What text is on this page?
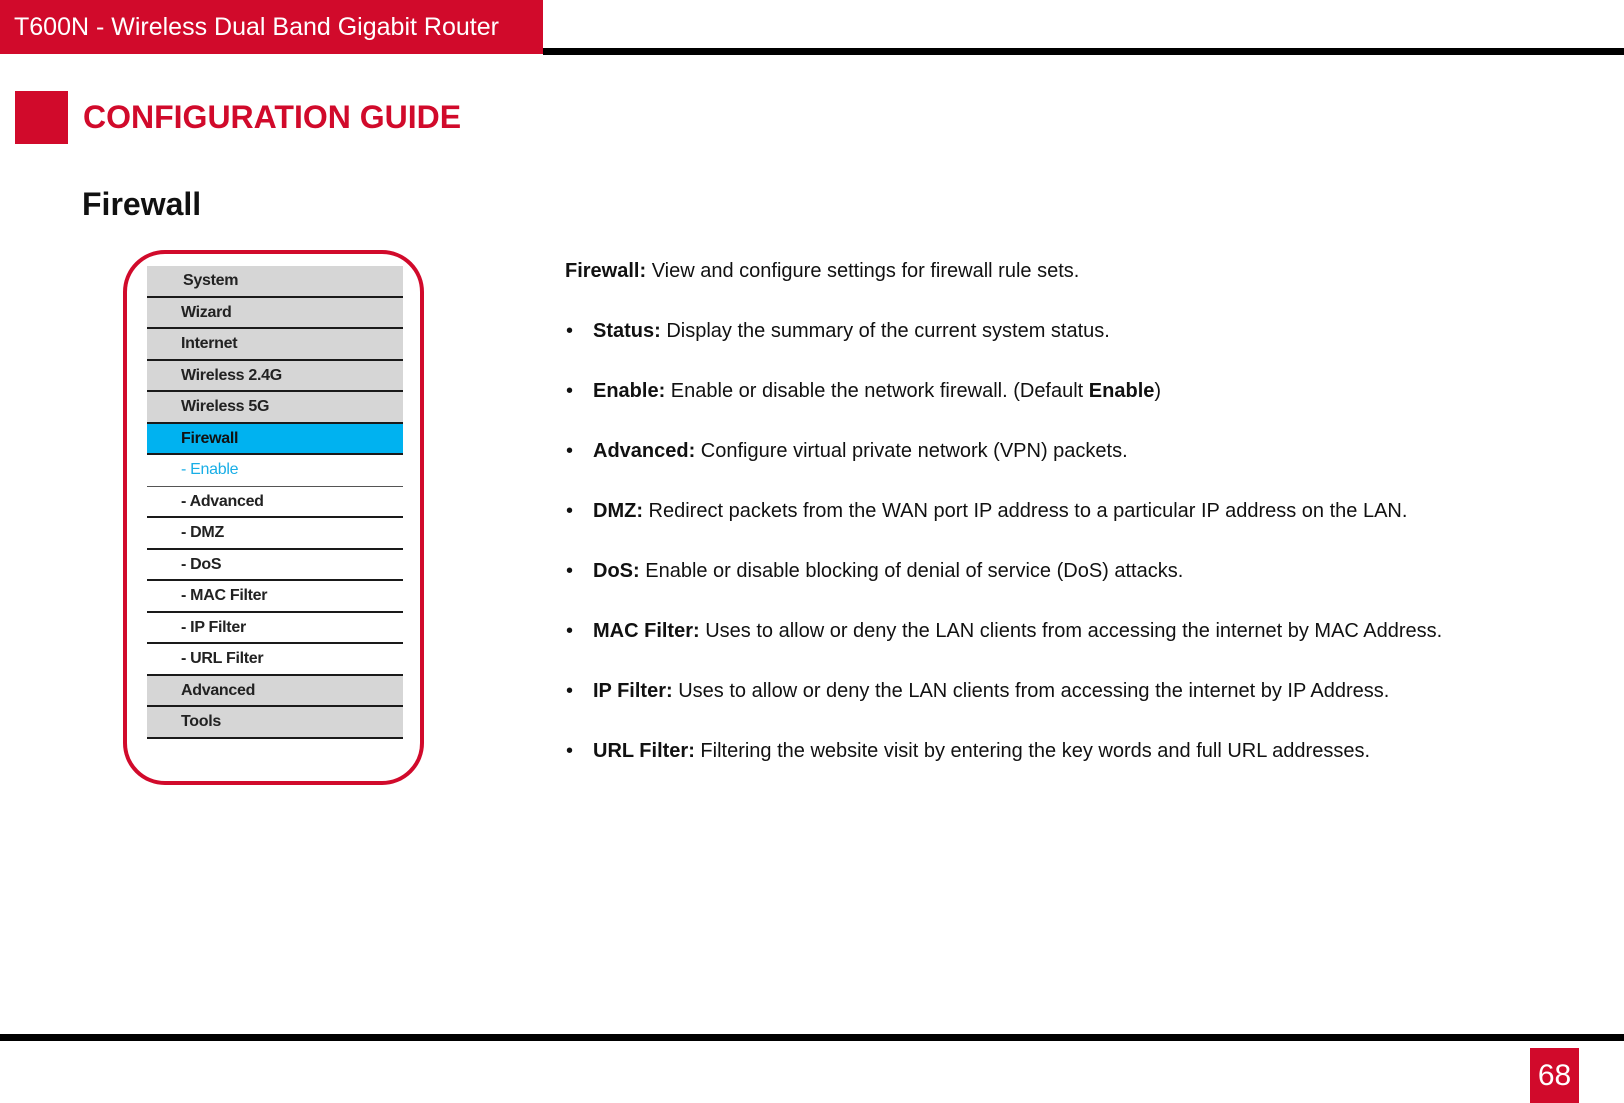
T600N - Wireless Dual Band Gigabit Router
CONFIGURATION GUIDE
Firewall
System
Wizard
Internet
Wireless 2.4G
Wireless 5G
Firewall
- Enable
- Advanced
- DMZ
- DoS
- MAC Filter
- IP Filter
- URL Filter
Advanced
Tools

Firewall: View and configure settings for firewall rule sets.

• Status: Display the summary of the current system status.
• Enable: Enable or disable the network firewall. (Default Enable)
• Advanced: Configure virtual private network (VPN) packets.
• DMZ: Redirect packets from the WAN port IP address to a particular IP address on the LAN.
• DoS: Enable or disable blocking of denial of service (DoS) attacks.
• MAC Filter: Uses to allow or deny the LAN clients from accessing the internet by MAC Address.
• IP Filter: Uses to allow or deny the LAN clients from accessing the internet by IP Address.
• URL Filter: Filtering the website visit by entering the key words and full URL addresses.
68
